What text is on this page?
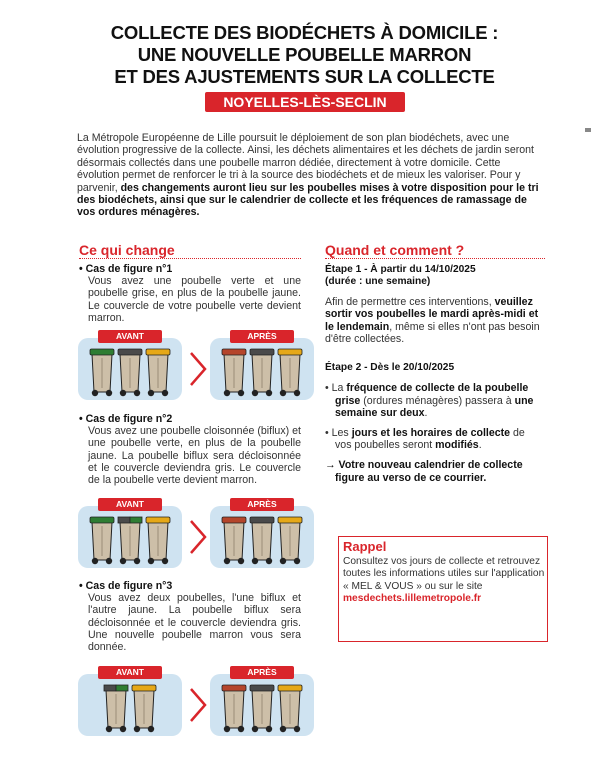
COLLECTE DES BIODÉCHETS À DOMICILE :
UNE NOUVELLE POUBELLE MARRON
ET DES AJUSTEMENTS SUR LA COLLECTE
NOYELLES-LÈS-SECLIN
La Métropole Européenne de Lille poursuit le déploiement de son plan biodéchets, avec une évolution progressive de la collecte. Ainsi, les déchets alimentaires et les déchets de jardin seront désormais collectés dans une poubelle marron dédiée, directement à votre domicile. Cette évolution permet de renforcer le tri à la source des biodéchets et de mieux les valoriser. Pour y parvenir, des changements auront lieu sur les poubelles mises à votre disposition pour le tri des biodéchets, ainsi que sur le calendrier de collecte et les fréquences de ramassage de vos ordures ménagères.
Ce qui change
• Cas de figure n°1
Vous avez une poubelle verte et une poubelle grise, en plus de la poubelle jaune. Le couvercle de votre poubelle verte devient marron.
• Cas de figure n°2
Vous avez une poubelle cloisonnée (biflux) et une poubelle verte, en plus de la poubelle jaune. La poubelle biflux sera décloisonnée et le couvercle deviendra gris. Le couvercle de la poubelle verte devient marron.
• Cas de figure n°3
Vous avez deux poubelles, l'une biflux et l'autre jaune. La poubelle biflux sera décloisonnée et le couvercle deviendra gris. Une nouvelle poubelle marron vous sera donnée.
AVANT	APRÈS
AVANT	APRÈS
AVANT	APRÈS
Quand et comment ?
Étape 1 - À partir du 14/10/2025
(durée : une semaine)
Afin de permettre ces interventions, veuillez sortir vos poubelles le mardi après-midi et le lendemain, même si elles n'ont pas besoin d'être collectées.
Étape 2 - Dès le 20/10/2025
• La fréquence de collecte de la poubelle grise (ordures ménagères) passera à une semaine sur deux.
• Les jours et les horaires de collecte de vos poubelles seront modifiés.
→ Votre nouveau calendrier de collecte figure au verso de ce courrier.
Rappel
Consultez vos jours de collecte et retrouvez toutes les informations utiles sur l'application « MEL & VOUS » ou sur le site mesdechets.lillemetropole.fr
